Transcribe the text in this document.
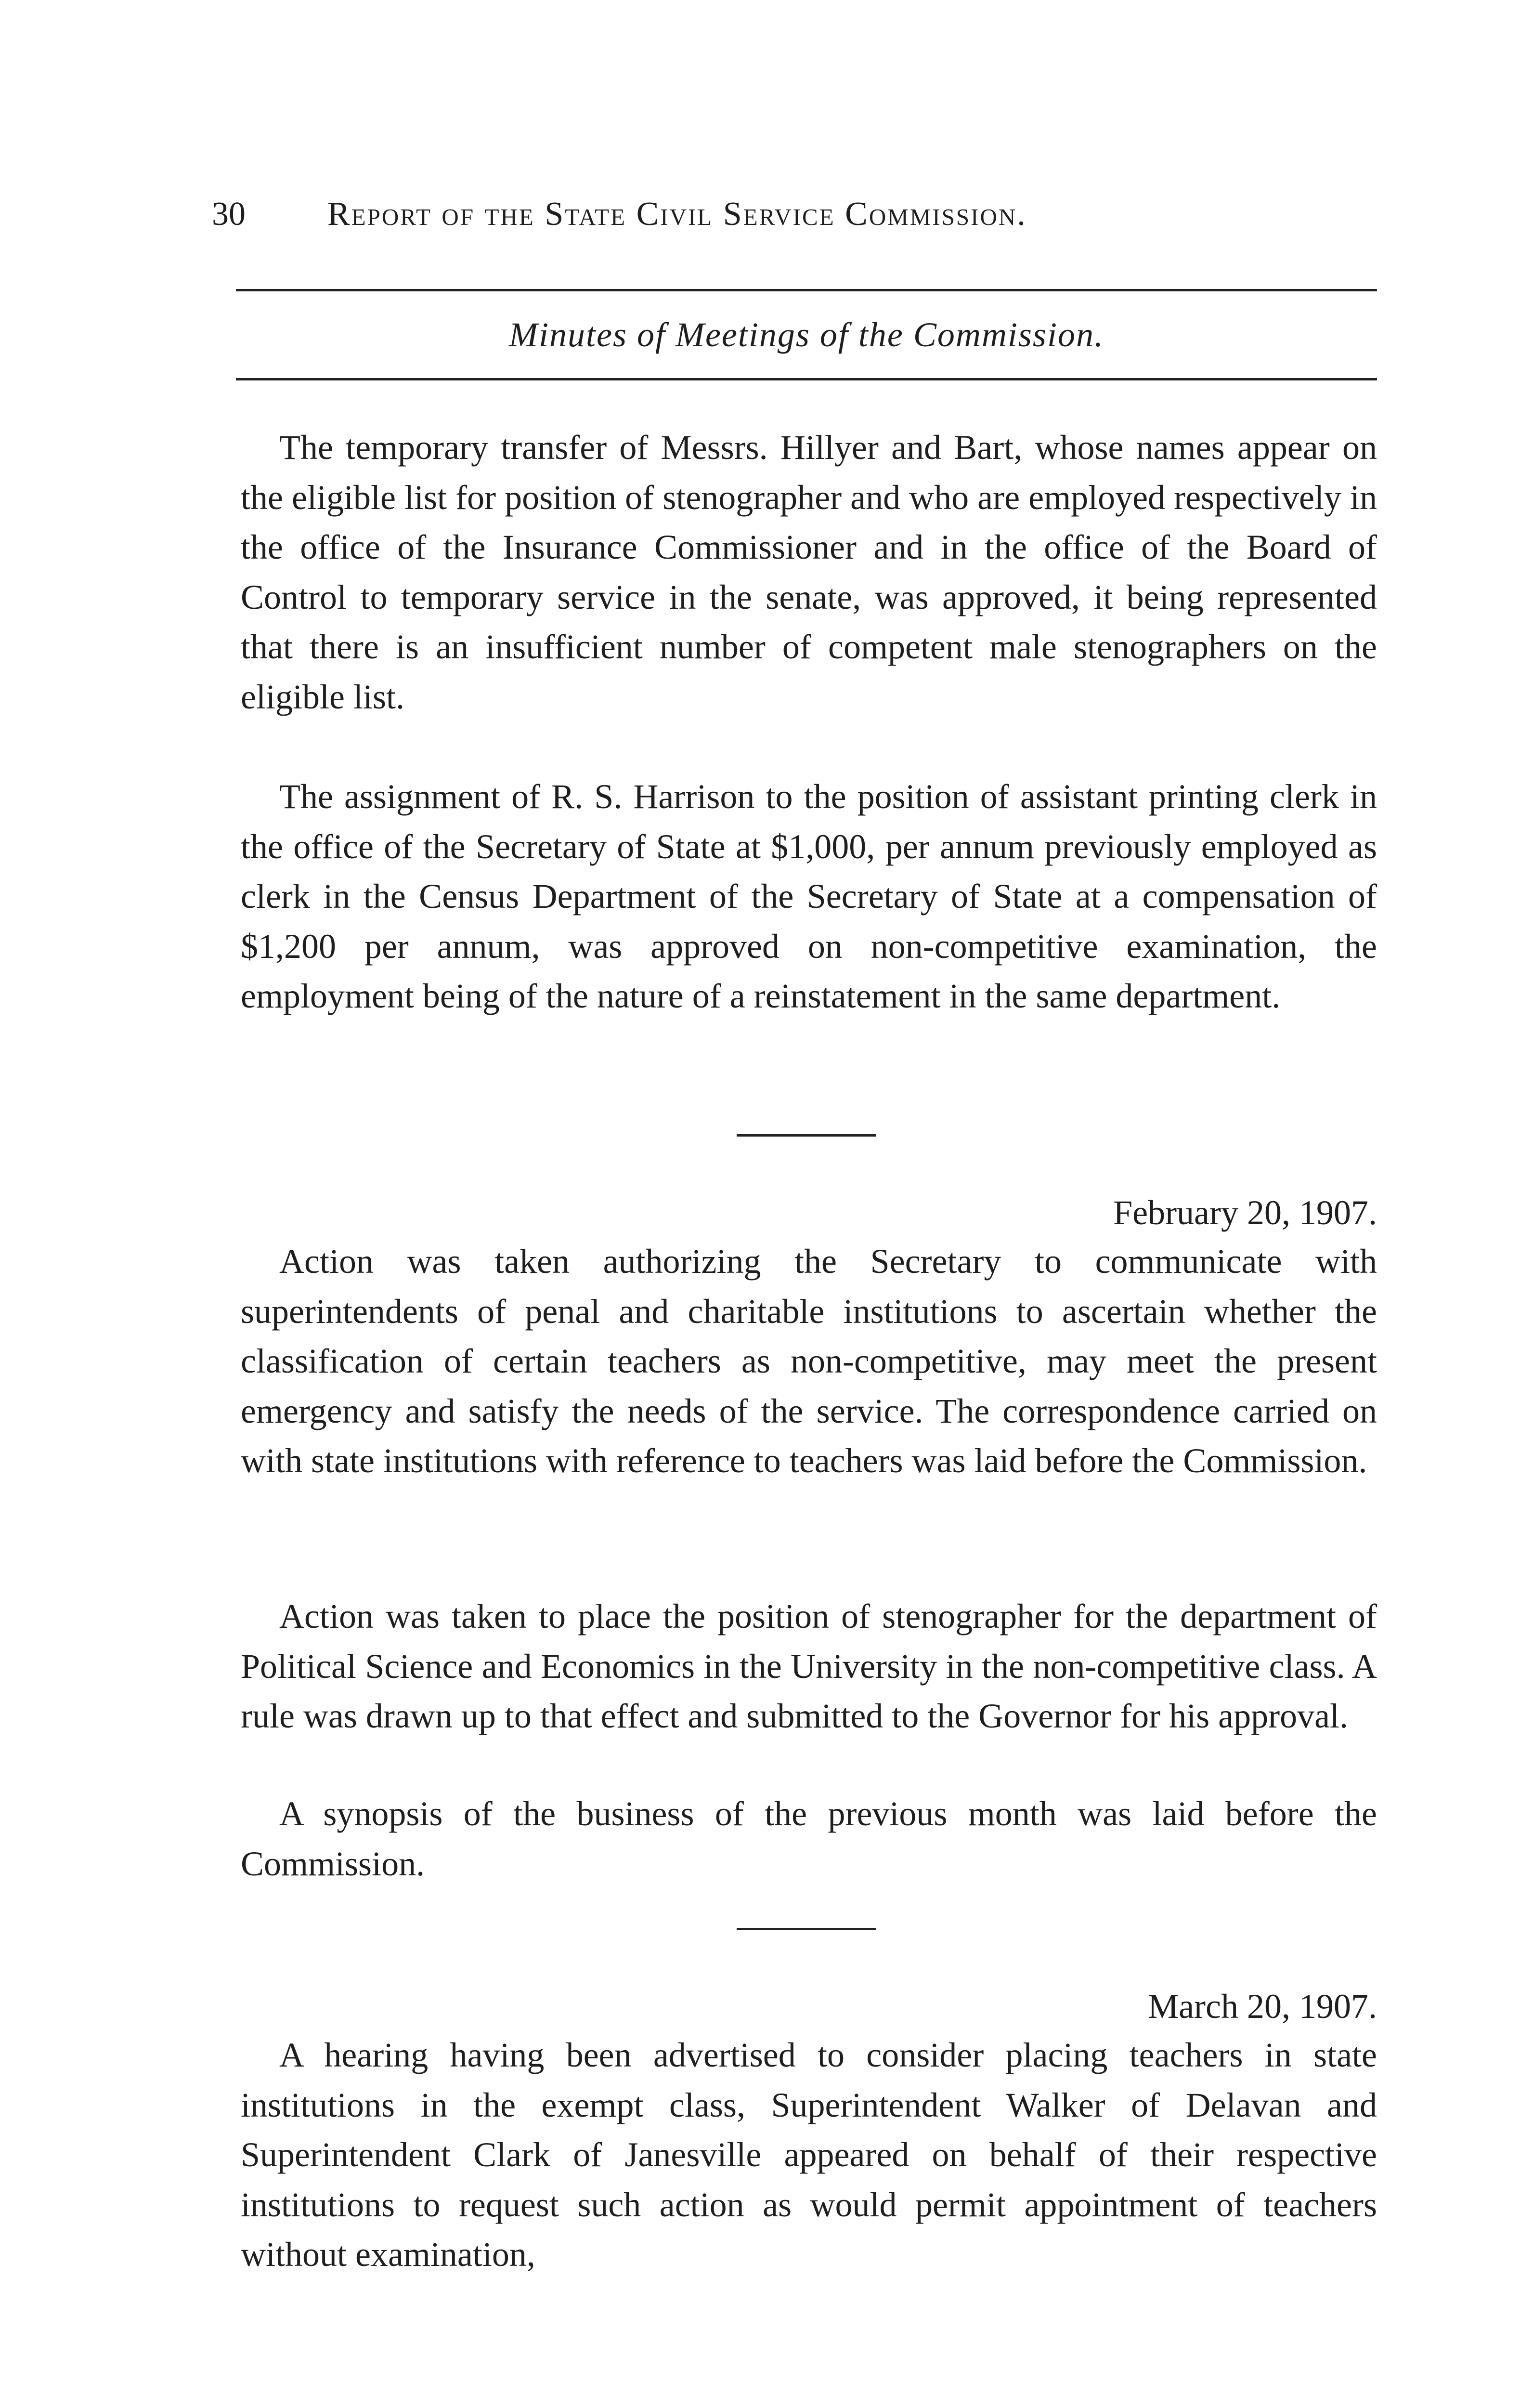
30 Report of the State Civil Service Commission.
Minutes of Meetings of the Commission.

The temporary transfer of Messrs. Hillyer and Bart, whose names appear on the eligible list for position of stenographer and who are employed respectively in the office of the Insurance Commissioner and in the office of the Board of Control to temporary service in the senate, was approved, it being represented that there is an insufficient number of competent male stenographers on the eligible list.

The assignment of R. S. Harrison to the position of assistant printing clerk in the office of the Secretary of State at $1,000, per annum previously employed as clerk in the Census Department of the Secretary of State at a compensation of $1,200 per annum, was approved on non-competitive examination, the employment being of the nature of a reinstatement in the same department.

February 20, 1907.

Action was taken authorizing the Secretary to communicate with superintendents of penal and charitable institutions to ascertain whether the classification of certain teachers as non-competitive, may meet the present emergency and satisfy the needs of the service. The correspondence carried on with state institutions with reference to teachers was laid before the Commission.

Action was taken to place the position of stenographer for the department of Political Science and Economics in the University in the non-competitive class. A rule was drawn up to that effect and submitted to the Governor for his approval.

A synopsis of the business of the previous month was laid before the Commission.

March 20, 1907.

A hearing having been advertised to consider placing teachers in state institutions in the exempt class, Superintendent Walker of Delavan and Superintendent Clark of Janesville appeared on behalf of their respective institutions to request such action as would permit appointment of teachers without examination,
